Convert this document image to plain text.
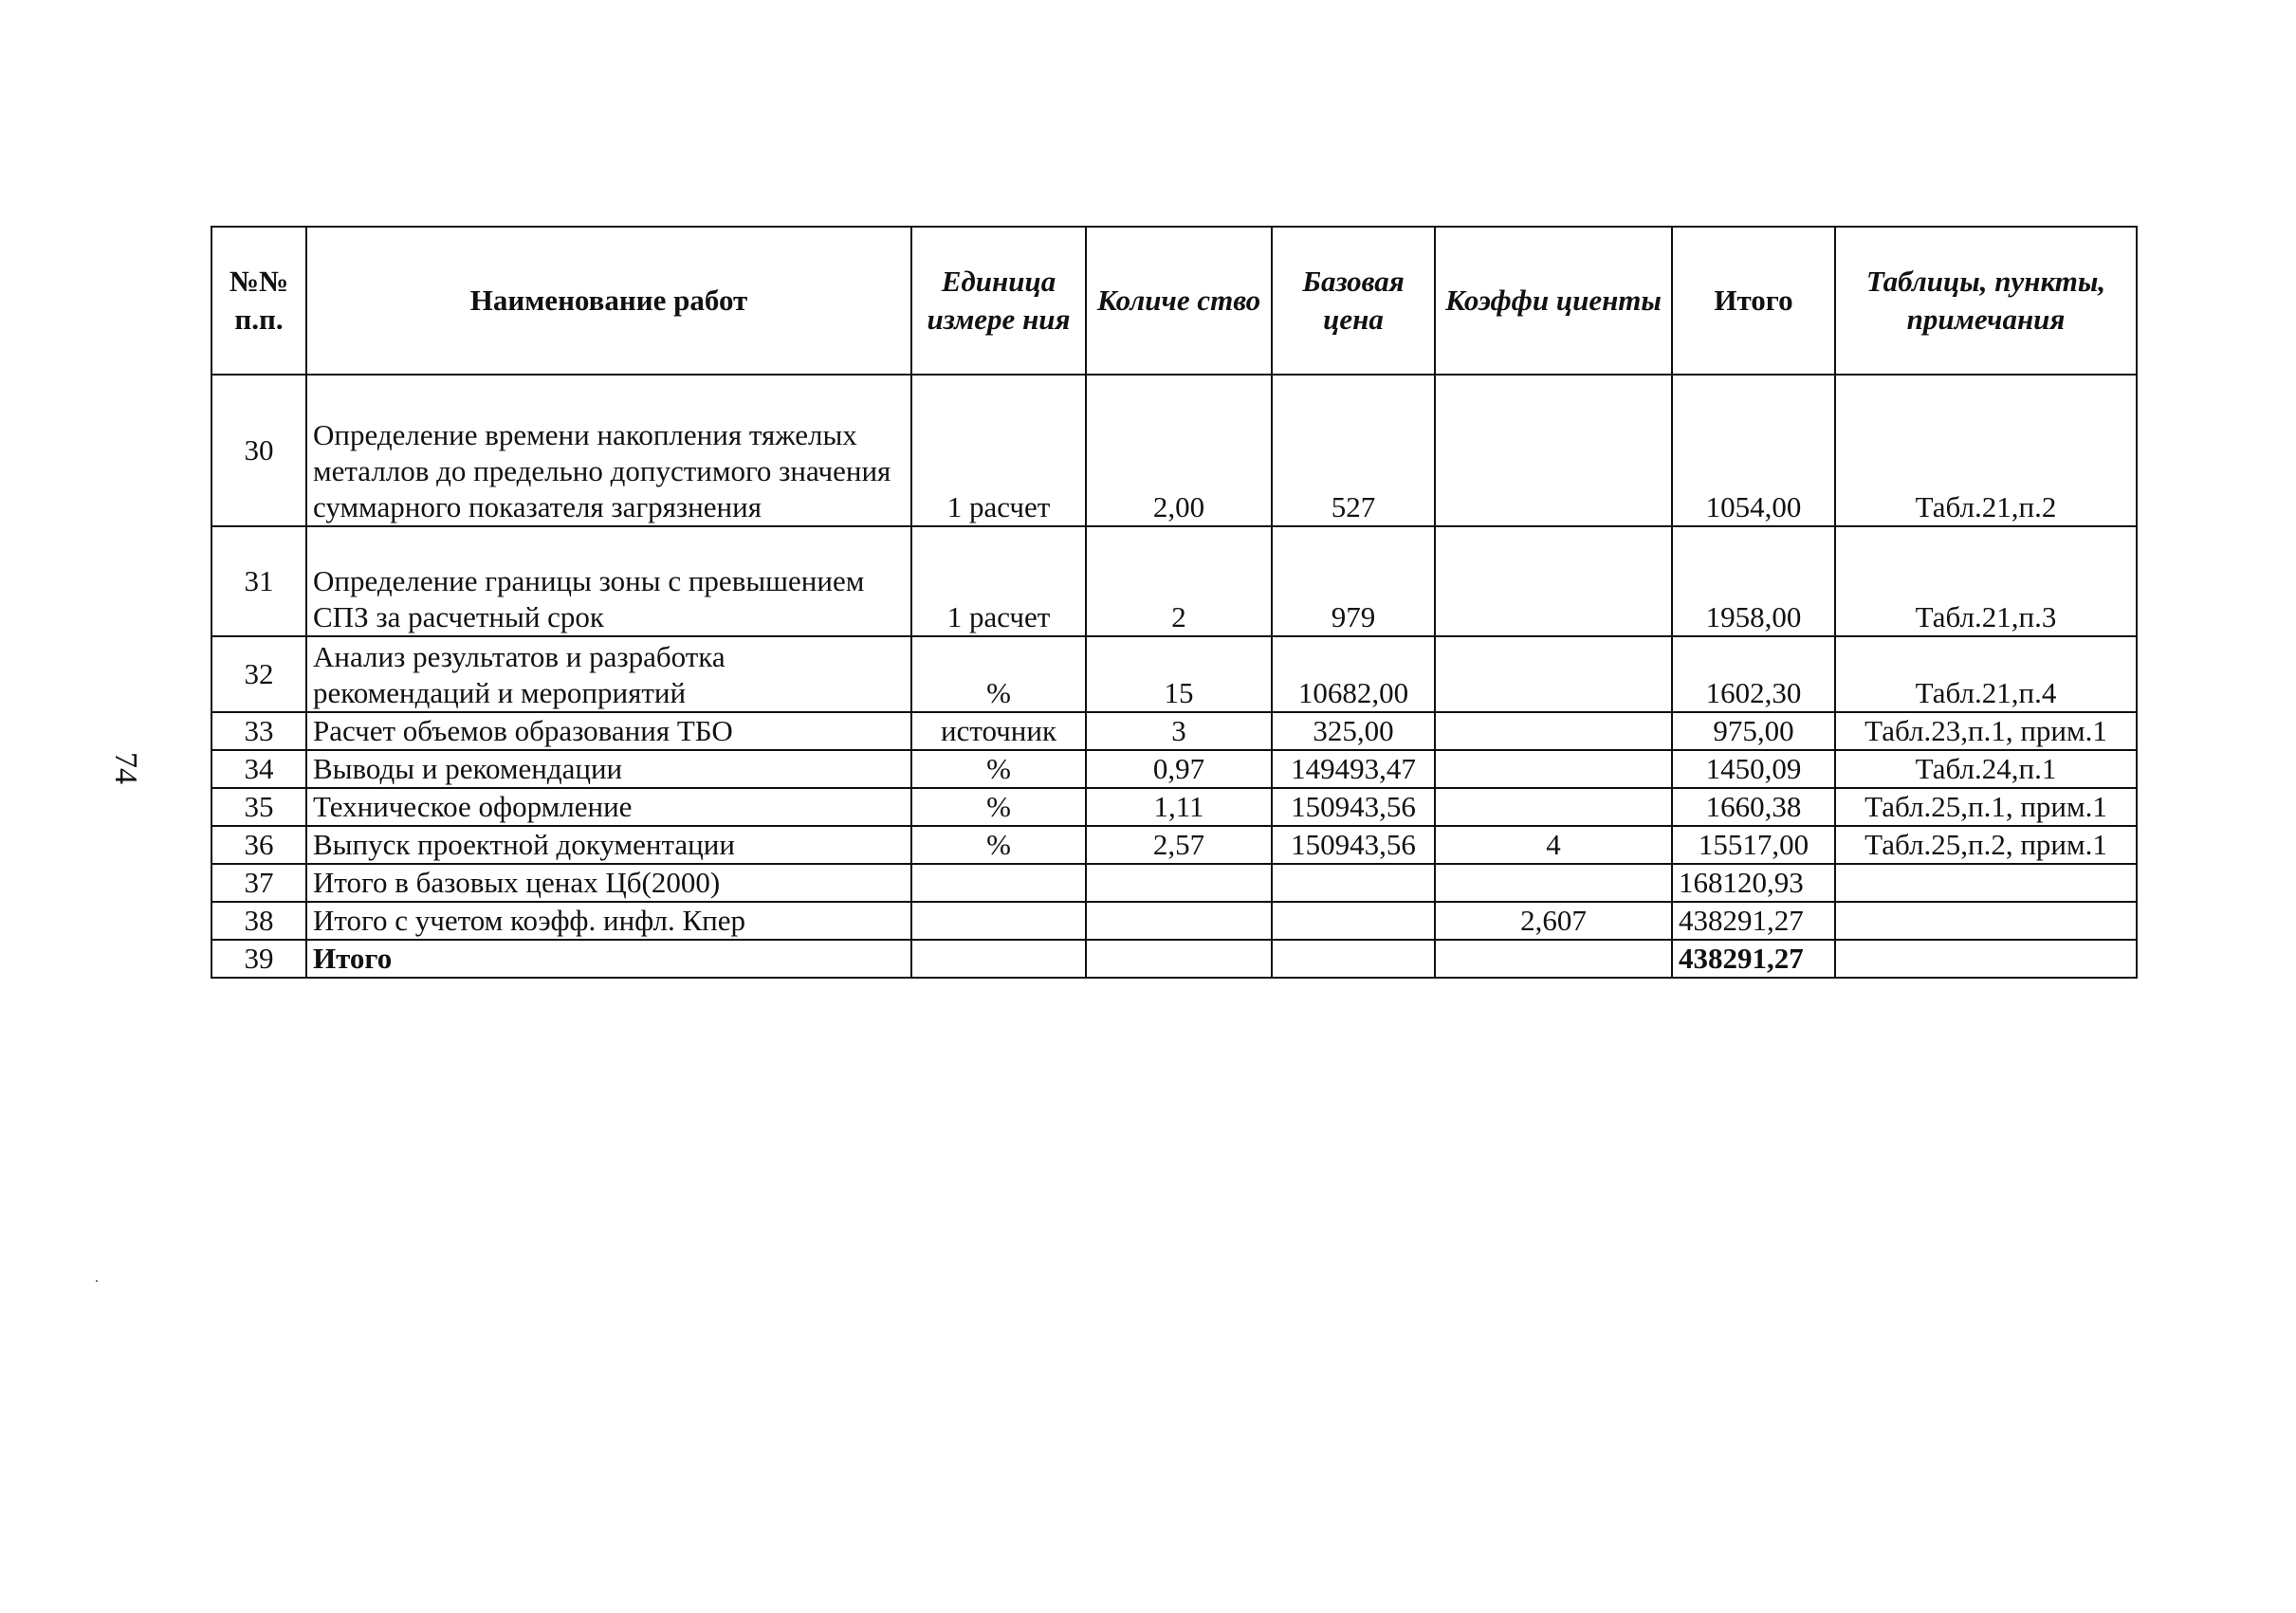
74
№№ п.п.	Наименование работ	Единица измере ния	Количе ство	Базовая цена	Коэффи циенты	Итого	Таблицы, пункты, примечания
30	Определение времени накопления тяжелых металлов до предельно допустимого значения суммарного показателя загрязнения	1 расчет	2,00	527		1054,00	Табл.21,п.2
31	Определение границы зоны с превышением СПЗ за расчетный срок	1 расчет	2	979		1958,00	Табл.21,п.3
32	Анализ результатов и разработка рекомендаций и мероприятий	%	15	10682,00		1602,30	Табл.21,п.4
33	Расчет объемов образования ТБО	источник	3	325,00		975,00	Табл.23,п.1, прим.1
34	Выводы и рекомендации	%	0,97	149493,47		1450,09	Табл.24,п.1
35	Техническое оформление	%	1,11	150943,56		1660,38	Табл.25,п.1, прим.1
36	Выпуск проектной документации	%	2,57	150943,56	4	15517,00	Табл.25,п.2, прим.1
37	Итого в базовых ценах Цб(2000)					168120,93	
38	Итого с учетом коэфф. инфл. Кпер				2,607	438291,27	
39	Итого					438291,27	
